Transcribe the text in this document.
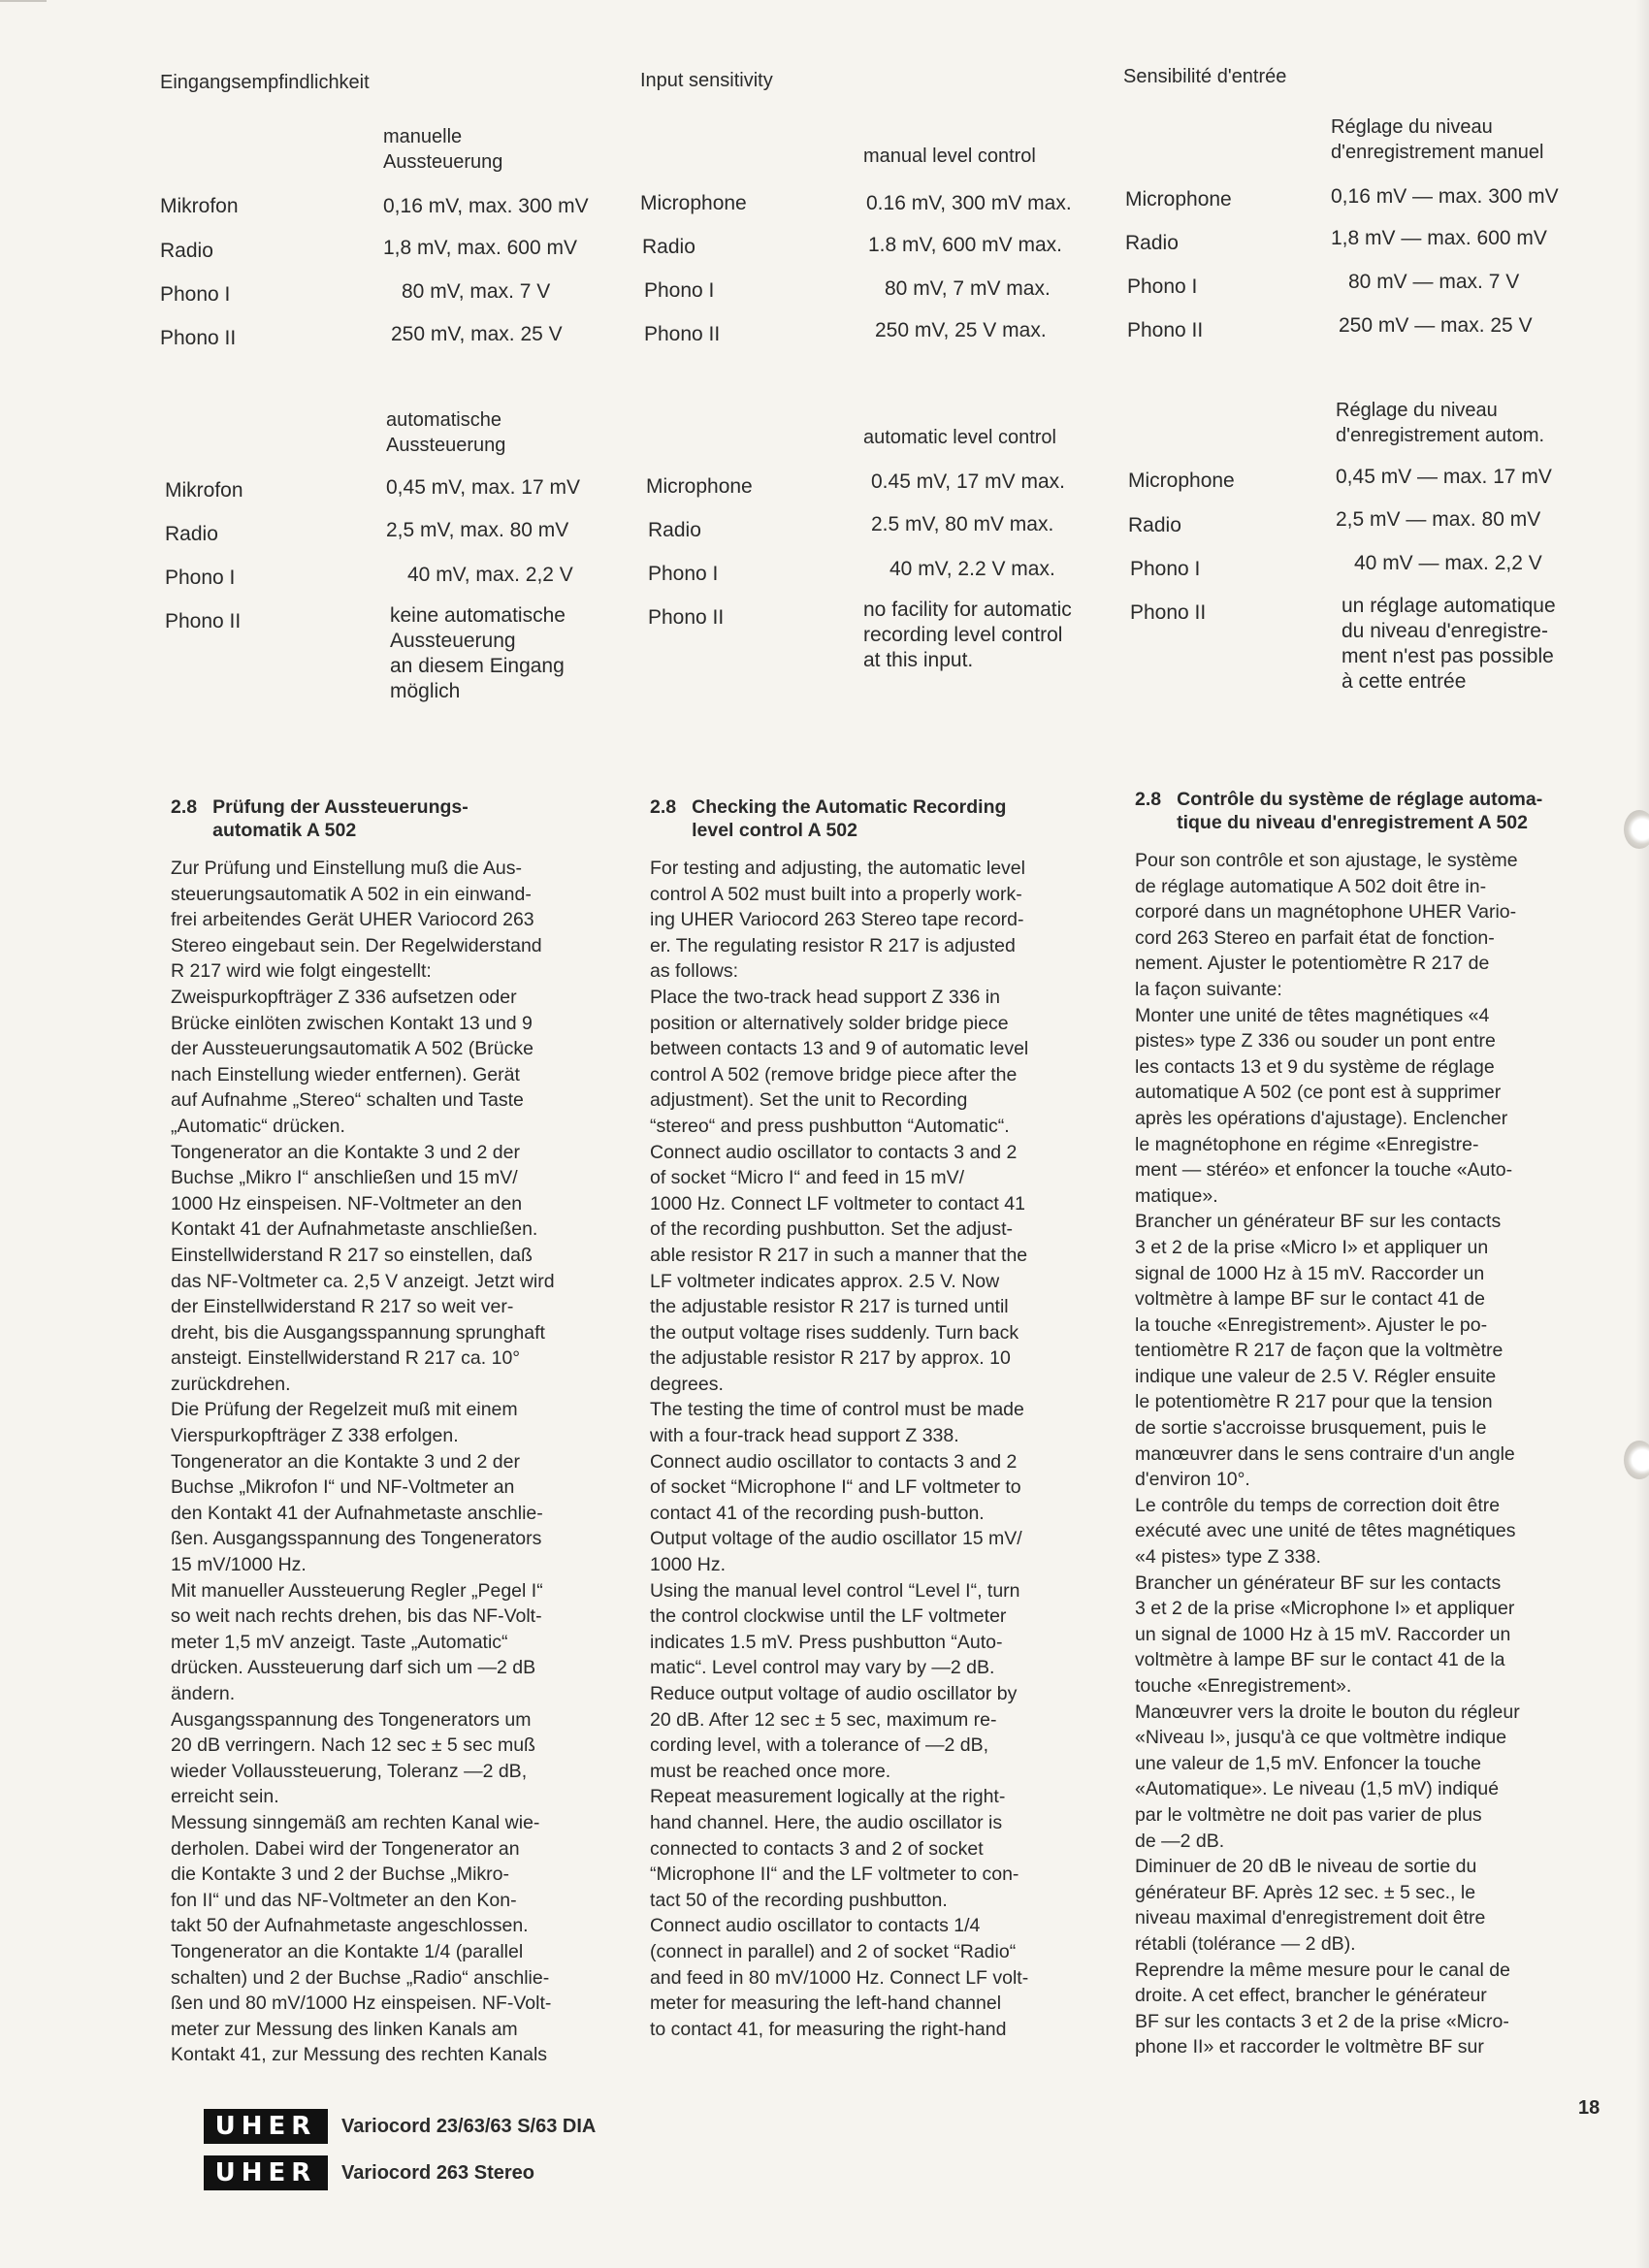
Eingangsempfindlichkeit
manuelle
Aussteuerung
Mikrofon	0,16 mV, max. 300 mV
Radio	1,8 mV, max. 600 mV
Phono I	80 mV, max. 7 V
Phono II	250 mV, max. 25 V
automatische
Aussteuerung
Mikrofon	0,45 mV, max. 17 mV
Radio	2,5 mV, max. 80 mV
Phono I	40 mV, max. 2,2 V
Phono II	keine automatische
Aussteuerung
an diesem Eingang
möglich
Input sensitivity
manual level control
Microphone	0.16 mV, 300 mV max.
Radio	1.8 mV, 600 mV max.
Phono I	80 mV, 7 mV max.
Phono II	250 mV, 25 V max.
automatic level control
Microphone	0.45 mV, 17 mV max.
Radio	2.5 mV, 80 mV max.
Phono I	40 mV, 2.2 V max.
Phono II	no facility for automatic
recording level control
at this input.
Sensibilité d'entrée
Réglage du niveau
d'enregistrement manuel
Microphone	0,16 mV — max. 300 mV
Radio	1,8 mV — max. 600 mV
Phono I	80 mV — max. 7 V
Phono II	250 mV — max. 25 V
Réglage du niveau
d'enregistrement autom.
Microphone	0,45 mV — max. 17 mV
Radio	2,5 mV — max. 80 mV
Phono I	40 mV — max. 2,2 V
Phono II	un réglage automatique
du niveau d'enregistre-
ment n'est pas possible
à cette entrée
2.8 Prüfung der Aussteuerungs-
automatik A 502
Zur Prüfung und Einstellung muß die Aus-
steuerungsautomatik A 502 in ein einwand-
frei arbeitendes Gerät UHER Variocord 263
Stereo eingebaut sein. Der Regelwiderstand
R 217 wird wie folgt eingestellt:
Zweispurkopfträger Z 336 aufsetzen oder
Brücke einlöten zwischen Kontakt 13 und 9
der Aussteuerungsautomatik A 502 (Brücke
nach Einstellung wieder entfernen). Gerät
auf Aufnahme „Stereo“ schalten und Taste
„Automatic“ drücken.
Tongenerator an die Kontakte 3 und 2 der
Buchse „Mikro I“ anschließen und 15 mV/
1000 Hz einspeisen. NF-Voltmeter an den
Kontakt 41 der Aufnahmetaste anschließen.
Einstellwiderstand R 217 so einstellen, daß
das NF-Voltmeter ca. 2,5 V anzeigt. Jetzt wird
der Einstellwiderstand R 217 so weit ver-
dreht, bis die Ausgangsspannung sprunghaft
ansteigt. Einstellwiderstand R 217 ca. 10°
zurückdrehen.
Die Prüfung der Regelzeit muß mit einem
Vierspurkopfträger Z 338 erfolgen.
Tongenerator an die Kontakte 3 und 2 der
Buchse „Mikrofon I“ und NF-Voltmeter an
den Kontakt 41 der Aufnahmetaste anschlie-
ßen. Ausgangsspannung des Tongenerators
15 mV/1000 Hz.
Mit manueller Aussteuerung Regler „Pegel I“
so weit nach rechts drehen, bis das NF-Volt-
meter 1,5 mV anzeigt. Taste „Automatic“
drücken. Aussteuerung darf sich um —2 dB
ändern.
Ausgangsspannung des Tongenerators um
20 dB verringern. Nach 12 sec ± 5 sec muß
wieder Vollaussteuerung, Toleranz —2 dB,
erreicht sein.
Messung sinngemäß am rechten Kanal wie-
derholen. Dabei wird der Tongenerator an
die Kontakte 3 und 2 der Buchse „Mikro-
fon II“ und das NF-Voltmeter an den Kon-
takt 50 der Aufnahmetaste angeschlossen.
Tongenerator an die Kontakte 1/4 (parallel
schalten) und 2 der Buchse „Radio“ anschlie-
ßen und 80 mV/1000 Hz einspeisen. NF-Volt-
meter zur Messung des linken Kanals am
Kontakt 41, zur Messung des rechten Kanals
2.8 Checking the Automatic Recording
level control A 502
For testing and adjusting, the automatic level
control A 502 must built into a properly work-
ing UHER Variocord 263 Stereo tape record-
er. The regulating resistor R 217 is adjusted
as follows:
Place the two-track head support Z 336 in
position or alternatively solder bridge piece
between contacts 13 and 9 of automatic level
control A 502 (remove bridge piece after the
adjustment). Set the unit to Recording
“stereo“ and press pushbutton “Automatic“.
Connect audio oscillator to contacts 3 and 2
of socket “Micro I“ and feed in 15 mV/
1000 Hz. Connect LF voltmeter to contact 41
of the recording pushbutton. Set the adjust-
able resistor R 217 in such a manner that the
LF voltmeter indicates approx. 2.5 V. Now
the adjustable resistor R 217 is turned until
the output voltage rises suddenly. Turn back
the adjustable resistor R 217 by approx. 10
degrees.
The testing the time of control must be made
with a four-track head support Z 338.
Connect audio oscillator to contacts 3 and 2
of socket “Microphone I“ and LF voltmeter to
contact 41 of the recording push-button.
Output voltage of the audio oscillator 15 mV/
1000 Hz.
Using the manual level control “Level I“, turn
the control clockwise until the LF voltmeter
indicates 1.5 mV. Press pushbutton “Auto-
matic“. Level control may vary by —2 dB.
Reduce output voltage of audio oscillator by
20 dB. After 12 sec ± 5 sec, maximum re-
cording level, with a tolerance of —2 dB,
must be reached once more.
Repeat measurement logically at the right-
hand channel. Here, the audio oscillator is
connected to contacts 3 and 2 of socket
“Microphone II“ and the LF voltmeter to con-
tact 50 of the recording pushbutton.
Connect audio oscillator to contacts 1/4
(connect in parallel) and 2 of socket “Radio“
and feed in 80 mV/1000 Hz. Connect LF volt-
meter for measuring the left-hand channel
to contact 41, for measuring the right-hand
2.8 Contrôle du système de réglage automa-
tique du niveau d'enregistrement A 502
Pour son contrôle et son ajustage, le système
de réglage automatique A 502 doit être in-
corporé dans un magnétophone UHER Vario-
cord 263 Stereo en parfait état de fonction-
nement. Ajuster le potentiomètre R 217 de
la façon suivante:
Monter une unité de têtes magnétiques «4
pistes» type Z 336 ou souder un pont entre
les contacts 13 et 9 du système de réglage
automatique A 502 (ce pont est à supprimer
après les opérations d'ajustage). Enclencher
le magnétophone en régime «Enregistre-
ment — stéréo» et enfoncer la touche «Auto-
matique».
Brancher un générateur BF sur les contacts
3 et 2 de la prise «Micro I» et appliquer un
signal de 1000 Hz à 15 mV. Raccorder un
voltmètre à lampe BF sur le contact 41 de
la touche «Enregistrement». Ajuster le po-
tentiomètre R 217 de façon que la voltmètre
indique une valeur de 2.5 V. Régler ensuite
le potentiomètre R 217 pour que la tension
de sortie s'accroisse brusquement, puis le
manœuvrer dans le sens contraire d'un angle
d'environ 10°.
Le contrôle du temps de correction doit être
exécuté avec une unité de têtes magnétiques
«4 pistes» type Z 338.
Brancher un générateur BF sur les contacts
3 et 2 de la prise «Microphone I» et appliquer
un signal de 1000 Hz à 15 mV. Raccorder un
voltmètre à lampe BF sur le contact 41 de la
touche «Enregistrement».
Manœuvrer vers la droite le bouton du régleur
«Niveau I», jusqu'à ce que voltmètre indique
une valeur de 1,5 mV. Enfoncer la touche
«Automatique». Le niveau (1,5 mV) indiqué
par le voltmètre ne doit pas varier de plus
de —2 dB.
Diminuer de 20 dB le niveau de sortie du
générateur BF. Après 12 sec. ± 5 sec., le
niveau maximal d'enregistrement doit être
rétabli (tolérance — 2 dB).
Reprendre la même mesure pour le canal de
droite. A cet effect, brancher le générateur
BF sur les contacts 3 et 2 de la prise «Micro-
phone II» et raccorder le voltmètre BF sur
UHER	Variocord 23/63/63 S/63 DIA
UHER	Variocord 263 Stereo
18
